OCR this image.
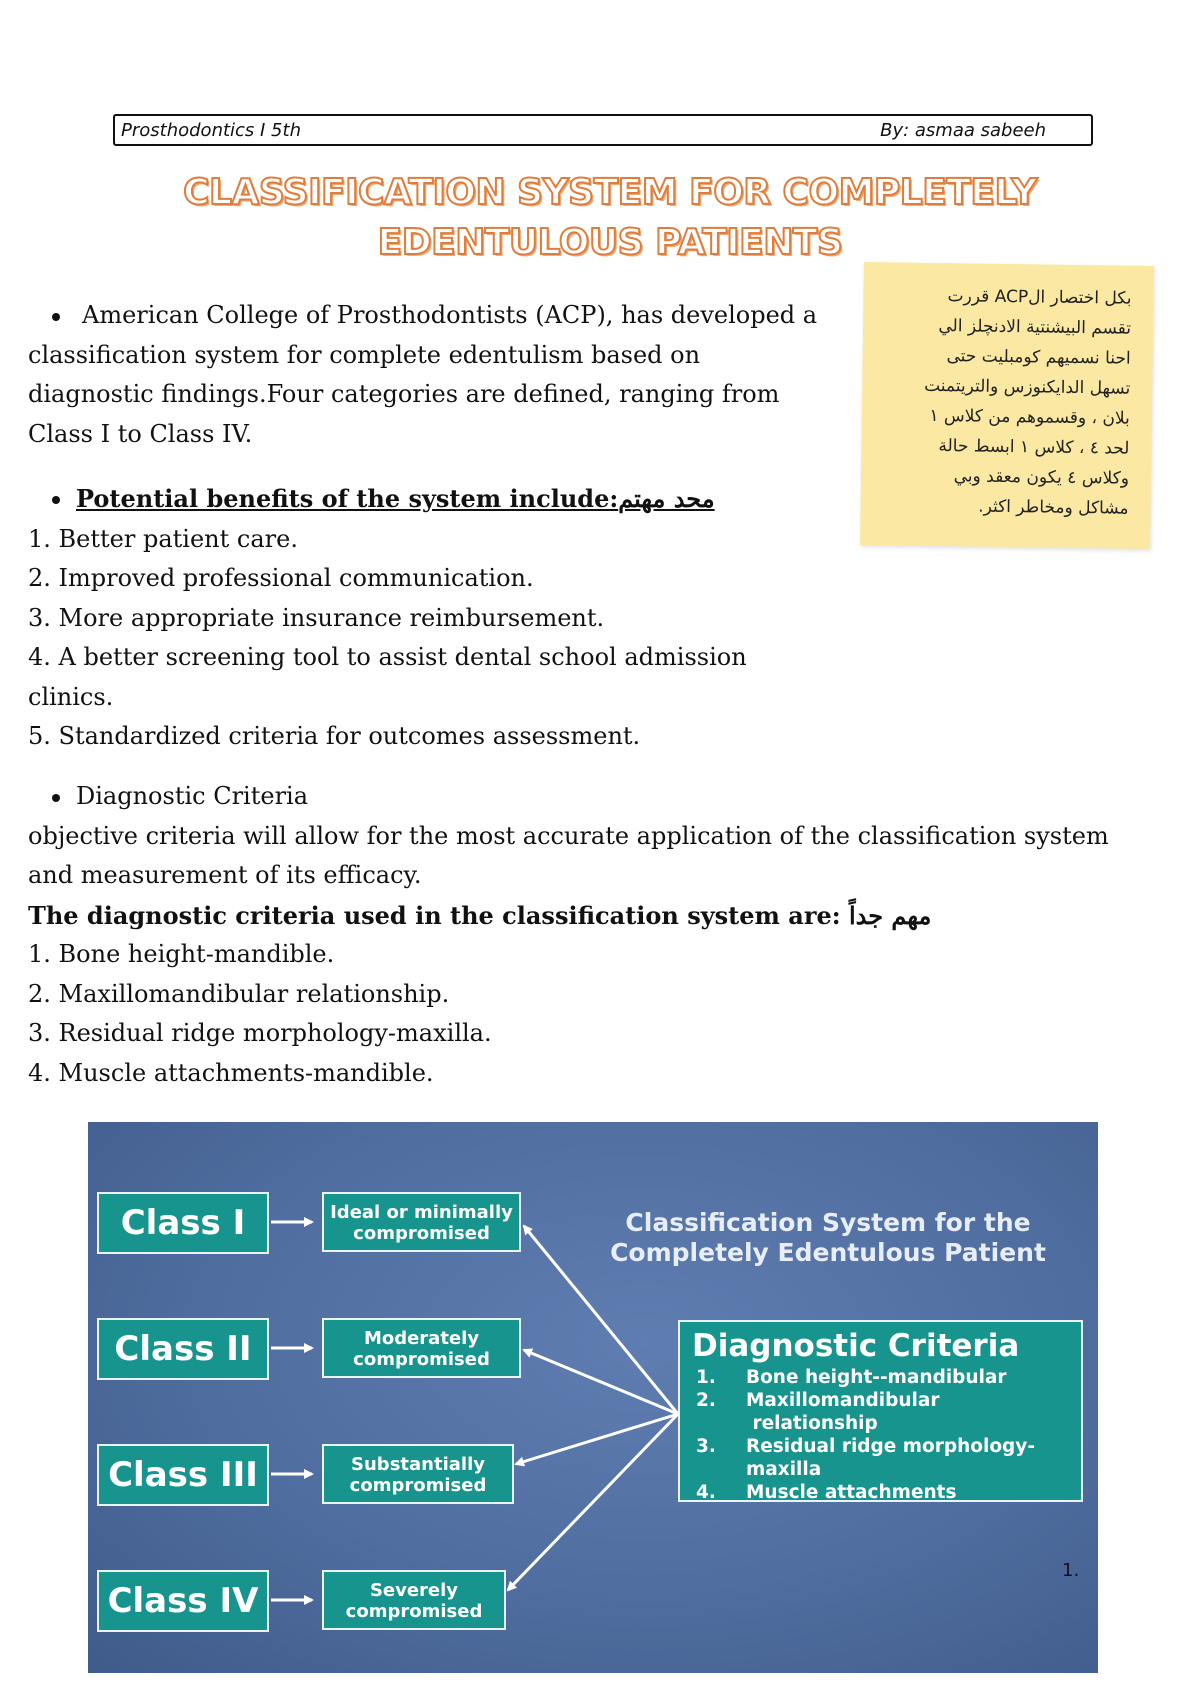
Prosthodontics I 5th	By: asmaa sabeeh
CLASSIFICATION SYSTEM FOR COMPLETELY
EDENTULOUS PATIENTS
بكل اختصار الACP قررت
تقسم البيشنتية الادنچلز الي
احنا نسميهم كومبليت حتى
تسهل الدايكنوزس والتريتمنت
بلان ، وقسموهم من كلاس ١
لحد ٤ ، كلاس ١ ابسط حالة
وكلاس ٤ يكون معقد وبي
مشاكل ومخاطر اكثر.

American College of Prosthodontists (ACP), has developed a

classification system for complete edentulism based on

diagnostic findings.Four categories are defined, ranging from

Class I to Class IV.

Potential benefits of the system include:محد مهتم

1. Better patient care.

2. Improved professional communication.

3. More appropriate insurance reimbursement.

4. A better screening tool to assist dental school admission

clinics.

5. Standardized criteria for outcomes assessment.

Diagnostic Criteria

objective criteria will allow for the most accurate application of the classification system

and measurement of its efficacy.

The diagnostic criteria used in the classification system are: مهم جداً

1. Bone height-mandible.

2. Maxillomandibular relationship.

3. Residual ridge morphology-maxilla.

4. Muscle attachments-mandible.

Classification System for the
Completely Edentulous Patient
Class I
Class II
Class III
Class IV
Ideal or minimally
compromised
Moderately
compromised
Substantially
compromised
Severely
compromised
Diagnostic Criteria
1.	Bone height--mandibular
2.	Maxillomandibular
relationship
3.	Residual ridge morphology-
maxilla
4.	Muscle attachments
1.
